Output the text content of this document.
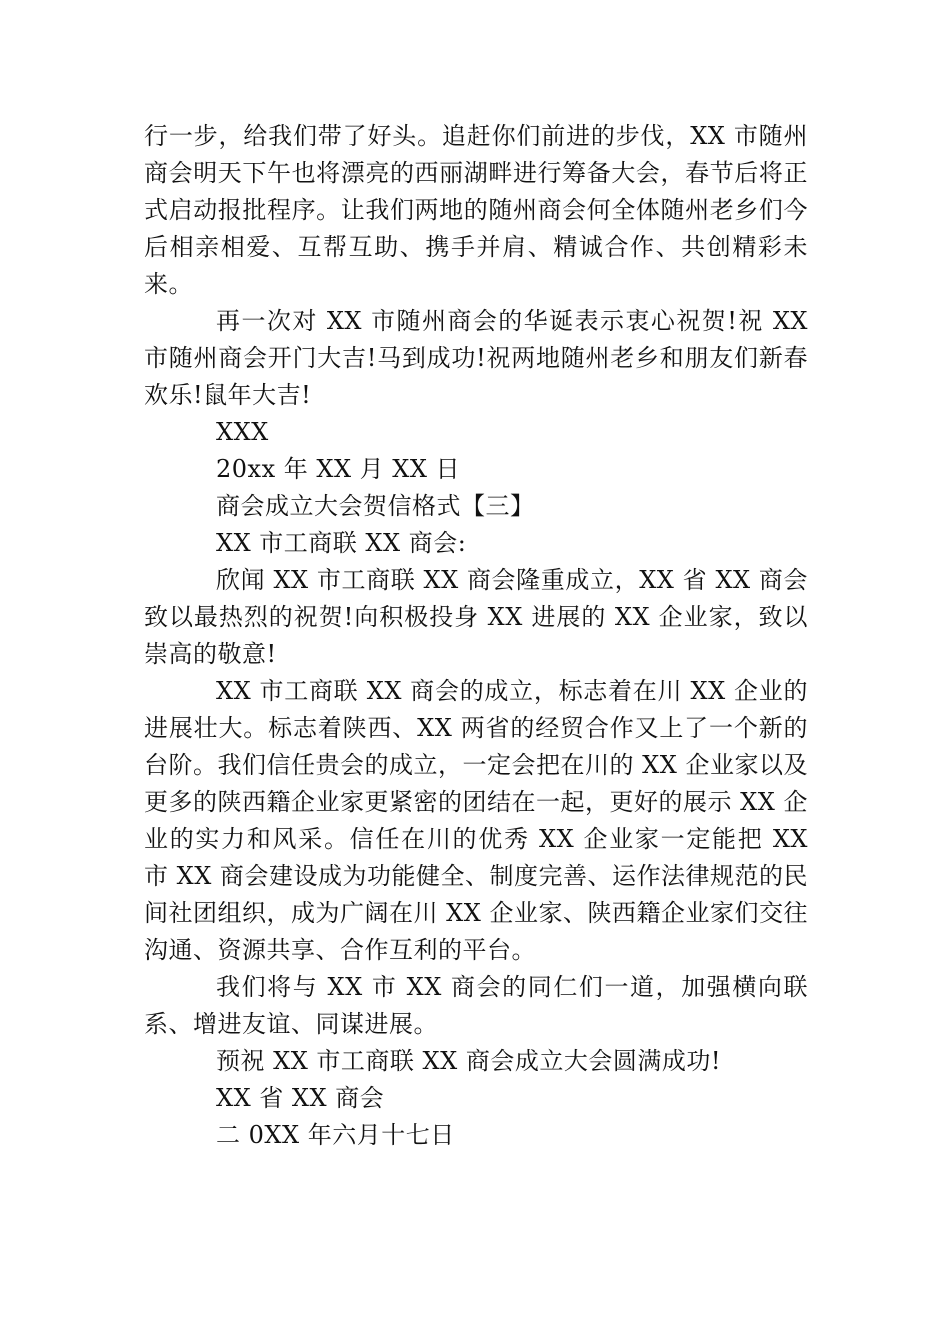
行一步，给我们带了好头。追赶你们前进的步伐，XX 市随州商会明天下午也将漂亮的西丽湖畔进行筹备大会，春节后将正式启动报批程序。让我们两地的随州商会何全体随州老乡们今后相亲相爱、互帮互助、携手并肩、精诚合作、共创精彩未来。

再一次对 XX 市随州商会的华诞表示衷心祝贺!祝 XX 市随州商会开门大吉!马到成功!祝两地随州老乡和朋友们新春欢乐!鼠年大吉!

XXX

20xx 年 XX 月 XX 日

商会成立大会贺信格式【三】

XX 市工商联 XX 商会:

欣闻 XX 市工商联 XX 商会隆重成立，XX 省 XX 商会致以最热烈的祝贺!向积极投身 XX 进展的 XX 企业家，致以崇高的敬意!

XX 市工商联 XX 商会的成立，标志着在川 XX 企业的进展壮大。标志着陕西、XX 两省的经贸合作又上了一个新的台阶。我们信任贵会的成立，一定会把在川的 XX 企业家以及更多的陕西籍企业家更紧密的团结在一起，更好的展示 XX 企业的实力和风采。信任在川的优秀 XX 企业家一定能把 XX 市 XX 商会建设成为功能健全、制度完善、运作法律规范的民间社团组织，成为广阔在川 XX 企业家、陕西籍企业家们交往沟通、资源共享、合作互利的平台。

我们将与 XX 市 XX 商会的同仁们一道，加强横向联系、增进友谊、同谋进展。

预祝 XX 市工商联 XX 商会成立大会圆满成功!

XX 省 XX 商会

二 0XX 年六月十七日
